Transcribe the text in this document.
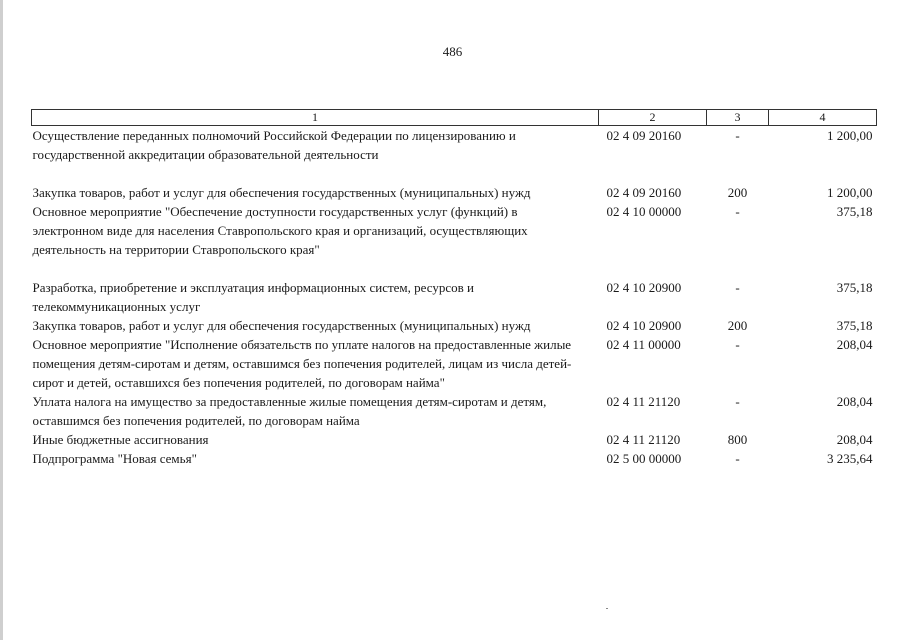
486
1	2	3	4
Осуществление переданных полномочий Российской Федерации по лицензированию и государственной аккредитации образовательной деятельности	02 4 09 20160	-	1 200,00
Закупка товаров, работ и услуг для обеспечения государственных (муниципальных) нужд	02 4 09 20160	200	1 200,00
Основное мероприятие "Обеспечение доступности государственных услуг (функций) в электронном виде для населения Ставропольского края и организаций, осуществляющих деятельность на территории Ставропольского края"	02 4 10 00000	-	375,18
Разработка, приобретение и эксплуатация информационных систем, ресурсов и телекоммуникационных услуг	02 4 10 20900	-	375,18
Закупка товаров, работ и услуг для обеспечения государственных (муниципальных) нужд	02 4 10 20900	200	375,18
Основное мероприятие "Исполнение обязательств по уплате налогов на предоставленные жилые помещения детям-сиротам и детям, оставшимся без попечения родителей, лицам из числа детей-сирот и детей, оставшихся без попечения родителей, по договорам найма"	02 4 11 00000	-	208,04
Уплата налога на имущество за предоставленные жилые помещения детям-сиротам и детям, оставшимся без попечения родителей, по договорам найма	02 4 11 21120	-	208,04
Иные бюджетные ассигнования	02 4 11 21120	800	208,04
Подпрограмма "Новая семья"	02 5 00 00000	-	3 235,64
